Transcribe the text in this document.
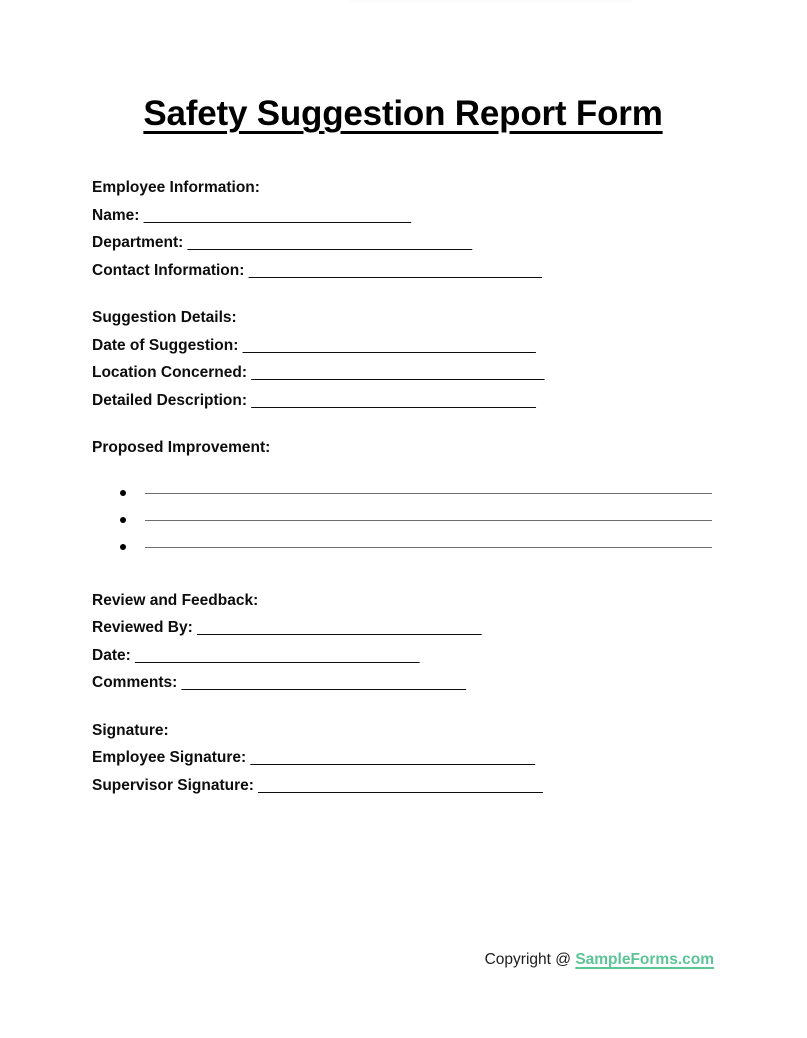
Safety Suggestion Report Form
Employee Information:
Name: _______________________________
Department: _________________________________
Contact Information: __________________________________
Suggestion Details:
Date of Suggestion: __________________________________
Location Concerned: __________________________________
Detailed Description: _________________________________
Proposed Improvement:
Review and Feedback:
Reviewed By: _________________________________
Date: _________________________________
Comments: _________________________________
Signature:
Employee Signature: _________________________________
Supervisor Signature: _________________________________
Copyright @ SampleForms.com
